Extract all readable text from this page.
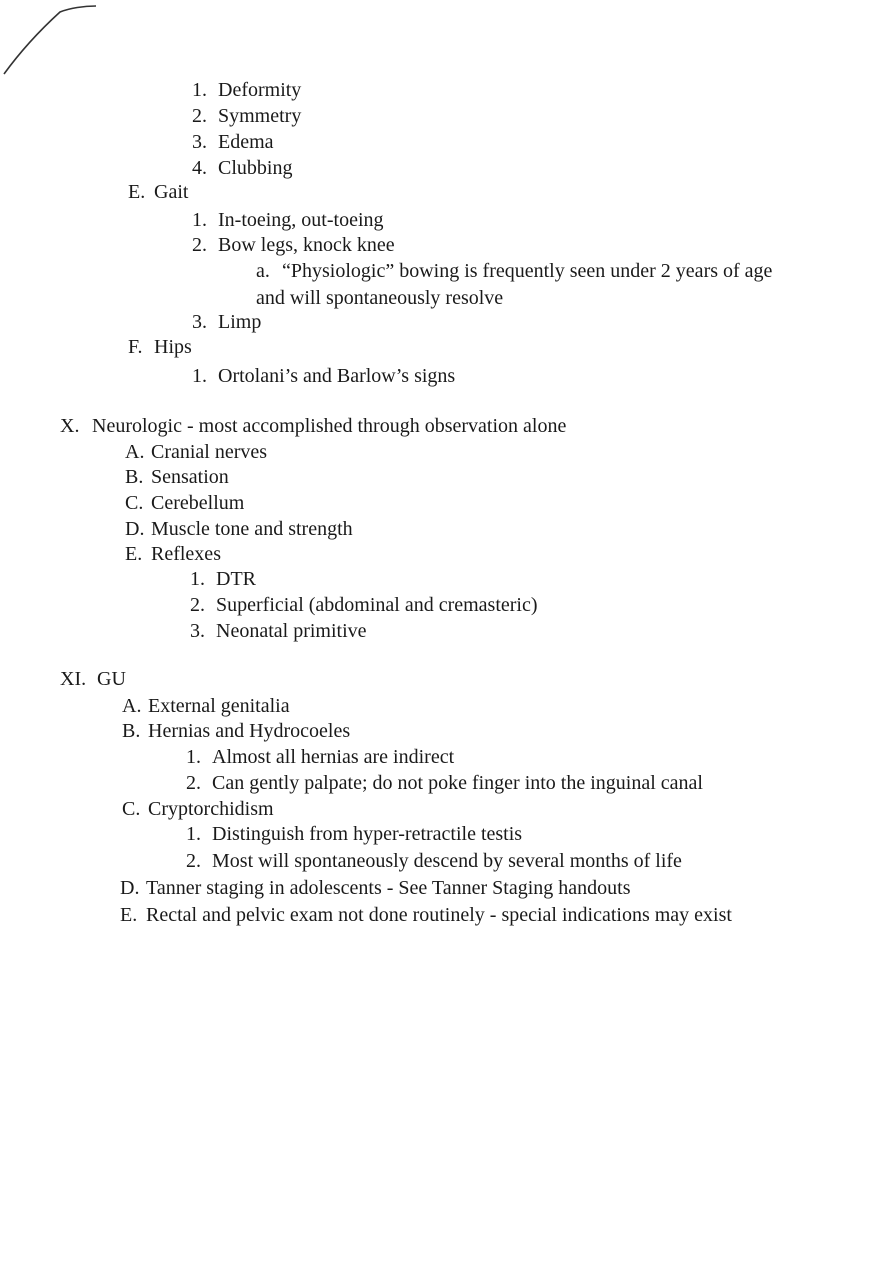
1. Deformity
2. Symmetry
3. Edema
4. Clubbing
E. Gait
1. In-toeing, out-toeing
2. Bow legs, knock knee
a. “Physiologic” bowing is frequently seen under 2 years of age
and will spontaneously resolve
3. Limp
F. Hips
1. Ortolani’s and Barlow’s signs
X. Neurologic - most accomplished through observation alone
A. Cranial nerves
B. Sensation
C. Cerebellum
D. Muscle tone and strength
E. Reflexes
1. DTR
2. Superficial (abdominal and cremasteric)
3. Neonatal primitive
XI. GU
A. External genitalia
B. Hernias and Hydrocoeles
1. Almost all hernias are indirect
2. Can gently palpate; do not poke finger into the inguinal canal
C. Cryptorchidism
1. Distinguish from hyper-retractile testis
2. Most will spontaneously descend by several months of life
D. Tanner staging in adolescents - See Tanner Staging handouts
E. Rectal and pelvic exam not done routinely - special indications may exist
